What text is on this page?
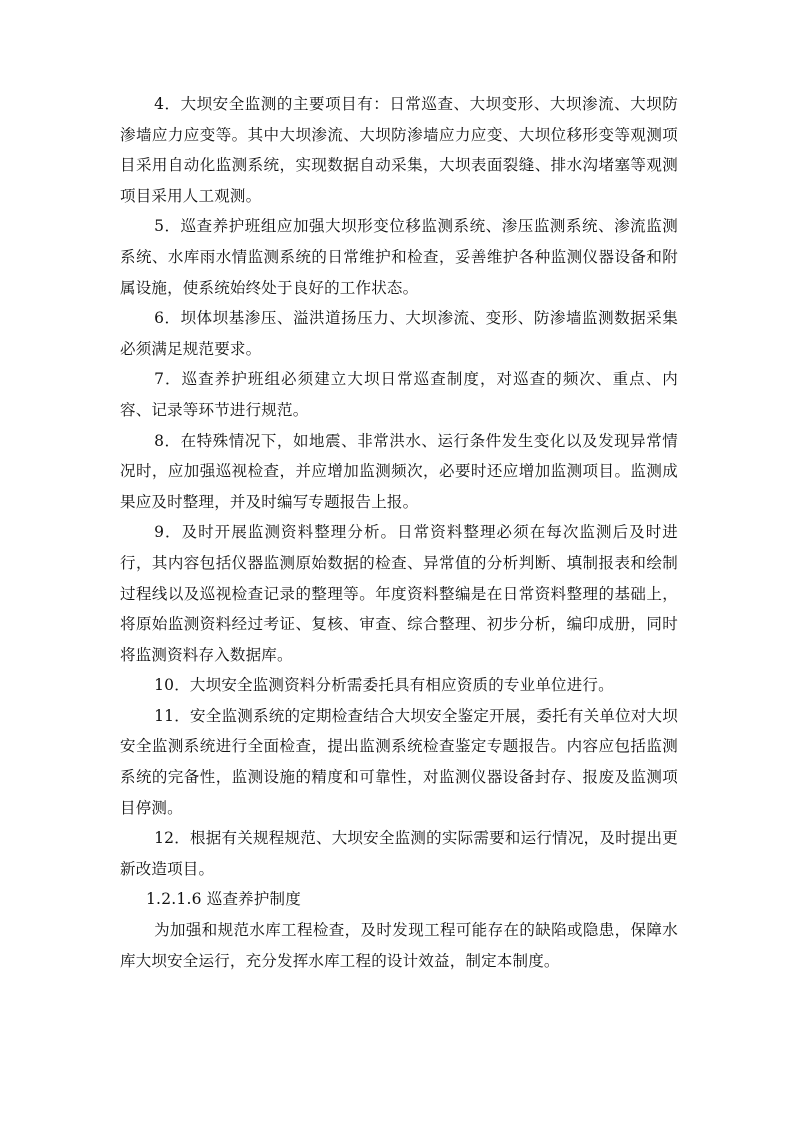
4．大坝安全监测的主要项目有：日常巡查、大坝变形、大坝渗流、大坝防渗墙应力应变等。其中大坝渗流、大坝防渗墙应力应变、大坝位移形变等观测项目采用自动化监测系统，实现数据自动采集，大坝表面裂缝、排水沟堵塞等观测项目采用人工观测。

5．巡查养护班组应加强大坝形变位移监测系统、渗压监测系统、渗流监测系统、水库雨水情监测系统的日常维护和检查，妥善维护各种监测仪器设备和附属设施，使系统始终处于良好的工作状态。

6．坝体坝基渗压、溢洪道扬压力、大坝渗流、变形、防渗墙监测数据采集必须满足规范要求。

7．巡查养护班组必须建立大坝日常巡查制度，对巡查的频次、重点、内容、记录等环节进行规范。

8．在特殊情况下，如地震、非常洪水、运行条件发生变化以及发现异常情况时，应加强巡视检查，并应增加监测频次，必要时还应增加监测项目。监测成果应及时整理，并及时编写专题报告上报。

9．及时开展监测资料整理分析。日常资料整理必须在每次监测后及时进行，其内容包括仪器监测原始数据的检查、异常值的分析判断、填制报表和绘制过程线以及巡视检查记录的整理等。年度资料整编是在日常资料整理的基础上，将原始监测资料经过考证、复核、审查、综合整理、初步分析，编印成册，同时将监测资料存入数据库。

10．大坝安全监测资料分析需委托具有相应资质的专业单位进行。

11．安全监测系统的定期检查结合大坝安全鉴定开展，委托有关单位对大坝安全监测系统进行全面检查，提出监测系统检查鉴定专题报告。内容应包括监测系统的完备性，监测设施的精度和可靠性，对监测仪器设备封存、报废及监测项目停测。

12．根据有关规程规范、大坝安全监测的实际需要和运行情况，及时提出更新改造项目。

1.2.1.6 巡查养护制度

为加强和规范水库工程检查，及时发现工程可能存在的缺陷或隐患，保障水库大坝安全运行，充分发挥水库工程的设计效益，制定本制度。
